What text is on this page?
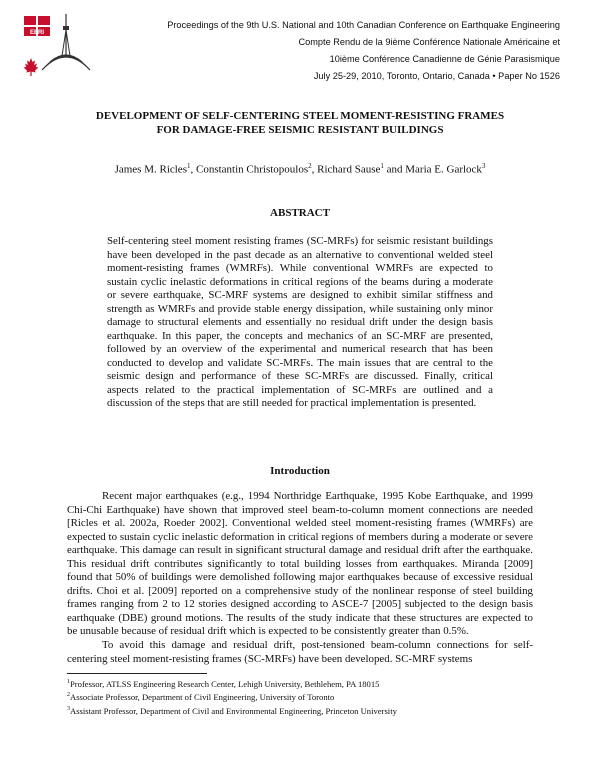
EERI
Proceedings of the 9th U.S. National and 10th Canadian Conference on Earthquake Engineering
Compte Rendu de la 9ième Conférence Nationale Américaine et
10ième Conférence Canadienne de Génie Parasismique
July 25-29, 2010, Toronto, Ontario, Canada • Paper No 1526
DEVELOPMENT OF SELF-CENTERING STEEL MOMENT-RESISTING FRAMES
FOR DAMAGE-FREE SEISMIC RESISTANT BUILDINGS
James M. Ricles$^1$, Constantin Christopoulos$^2$, Richard Sause$^1$ and Maria E. Garlock$^3$
ABSTRACT
Self-centering steel moment resisting frames (SC-MRFs) for seismic resistant buildings have been developed in the past decade as an alternative to conventional welded steel moment-resisting frames (WMRFs). While conventional WMRFs are expected to sustain cyclic inelastic deformations in critical regions of the beams during a moderate or severe earthquake, SC-MRF systems are designed to exhibit similar stiffness and strength as WMRFs and provide stable energy dissipation, while sustaining only minor damage to structural elements and essentially no residual drift under the design basis earthquake. In this paper, the concepts and mechanics of an SC-MRF are presented, followed by an overview of the experimental and numerical research that has been conducted to develop and validate SC-MRFs. The main issues that are central to the seismic design and performance of these SC-MRFs are discussed. Finally, critical aspects related to the practical implementation of SC-MRFs are outlined and a discussion of the steps that are still needed for practical implementation is presented.
Introduction

Recent major earthquakes (e.g., 1994 Northridge Earthquake, 1995 Kobe Earthquake, and 1999 Chi-Chi Earthquake) have shown that improved steel beam-to-column moment connections are needed [Ricles et al. 2002a, Roeder 2002]. Conventional welded steel moment-resisting frames (WMRFs) are expected to sustain cyclic inelastic deformation in critical regions of members during a moderate or severe earthquake. This damage can result in significant structural damage and residual drift after the earthquake. This residual drift contributes significantly to total building losses from earthquakes. Miranda [2009] found that 50% of buildings were demolished following major earthquakes because of excessive residual drifts. Choi et al. [2009] reported on a comprehensive study of the nonlinear response of steel building frames ranging from 2 to 12 stories designed according to ASCE-7 [2005] subjected to the design basis earthquake (DBE) ground motions. The results of the study indicate that these structures are expected to be unusable because of residual drift which is expected to be consistently greater than 0.5%.

To avoid this damage and residual drift, post-tensioned beam-column connections for self-centering steel moment-resisting frames (SC-MRFs) have been developed. SC-MRF systems

$^1$Professor, ATLSS Engineering Research Center, Lehigh University, Bethlehem, PA 18015
$^2$Associate Professor, Department of Civil Engineering, University of Toronto
$^3$Assistant Professor, Department of Civil and Environmental Engineering, Princeton University
